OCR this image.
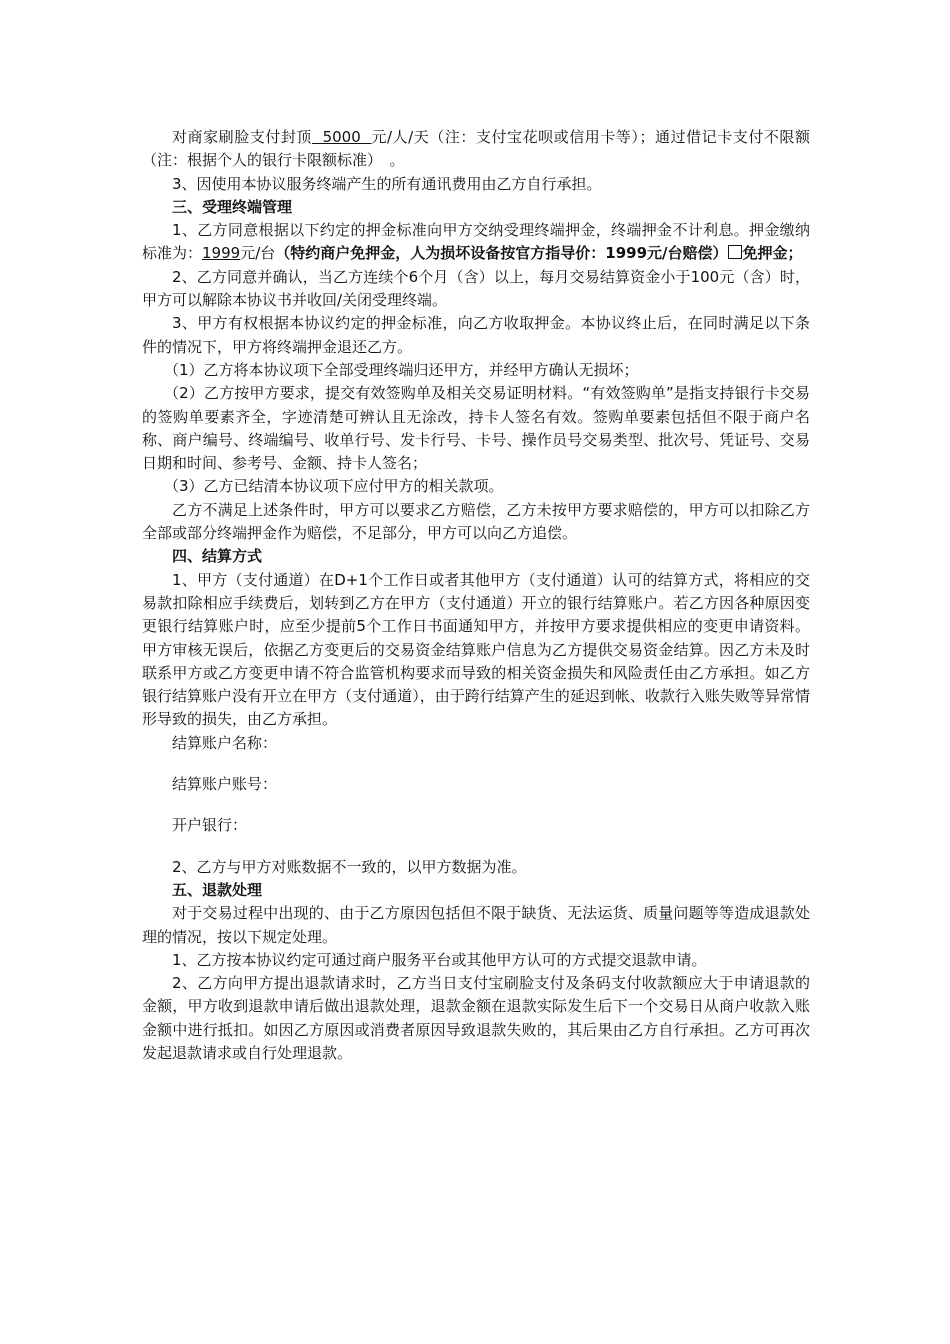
对商家刷脸支付封顶  5000  元/人/天（注：支付宝花呗或信用卡等）；通过借记卡支付不限额（注：根据个人的银行卡限额标准）　。

3、因使用本协议服务终端产生的所有通讯费用由乙方自行承担。

三、受理终端管理

1、乙方同意根据以下约定的押金标准向甲方交纳受理终端押金，终端押金不计利息。押金缴纳标准为：1999元/台（特约商户免押金，人为损坏设备按官方指导价：1999元/台赔偿） 免押金；

2、乙方同意并确认，当乙方连续个6个月（含）以上，每月交易结算资金小于100元（含）时，甲方可以解除本协议书并收回/关闭受理终端。

3、甲方有权根据本协议约定的押金标准，向乙方收取押金。本协议终止后，在同时满足以下条件的情况下，甲方将终端押金退还乙方。

（1）乙方将本协议项下全部受理终端归还甲方，并经甲方确认无损坏；

（2）乙方按甲方要求，提交有效签购单及相关交易证明材料。“有效签购单”是指支持银行卡交易的签购单要素齐全，字迹清楚可辨认且无涂改，持卡人签名有效。签购单要素包括但不限于商户名称、商户编号、终端编号、收单行号、发卡行号、卡号、操作员号交易类型、批次号、凭证号、交易日期和时间、参考号、金额、持卡人签名；

（3）乙方已结清本协议项下应付甲方的相关款项。

乙方不满足上述条件时，甲方可以要求乙方赔偿，乙方未按甲方要求赔偿的，甲方可以扣除乙方全部或部分终端押金作为赔偿，不足部分，甲方可以向乙方追偿。

四、结算方式

1、甲方（支付通道）在D+1个工作日或者其他甲方（支付通道）认可的结算方式，将相应的交易款扣除相应手续费后，划转到乙方在甲方（支付通道）开立的银行结算账户。若乙方因各种原因变更银行结算账户时，应至少提前5个工作日书面通知甲方，并按甲方要求提供相应的变更申请资料。甲方审核无误后，依据乙方变更后的交易资金结算账户信息为乙方提供交易资金结算。因乙方未及时联系甲方或乙方变更申请不符合监管机构要求而导致的相关资金损失和风险责任由乙方承担。如乙方银行结算账户没有开立在甲方（支付通道），由于跨行结算产生的延迟到帐、收款行入账失败等异常情形导致的损失，由乙方承担。

结算账户名称：

结算账户账号：

开户银行：

2、乙方与甲方对账数据不一致的，以甲方数据为准。

五、退款处理

对于交易过程中出现的、由于乙方原因包括但不限于缺货、无法运货、质量问题等等造成退款处理的情况，按以下规定处理。

1、乙方按本协议约定可通过商户服务平台或其他甲方认可的方式提交退款申请。

2、乙方向甲方提出退款请求时，乙方当日支付宝刷脸支付及条码支付收款额应大于申请退款的金额，甲方收到退款申请后做出退款处理，退款金额在退款实际发生后下一个交易日从商户收款入账金额中进行抵扣。如因乙方原因或消费者原因导致退款失败的，其后果由乙方自行承担。乙方可再次发起退款请求或自行处理退款。
